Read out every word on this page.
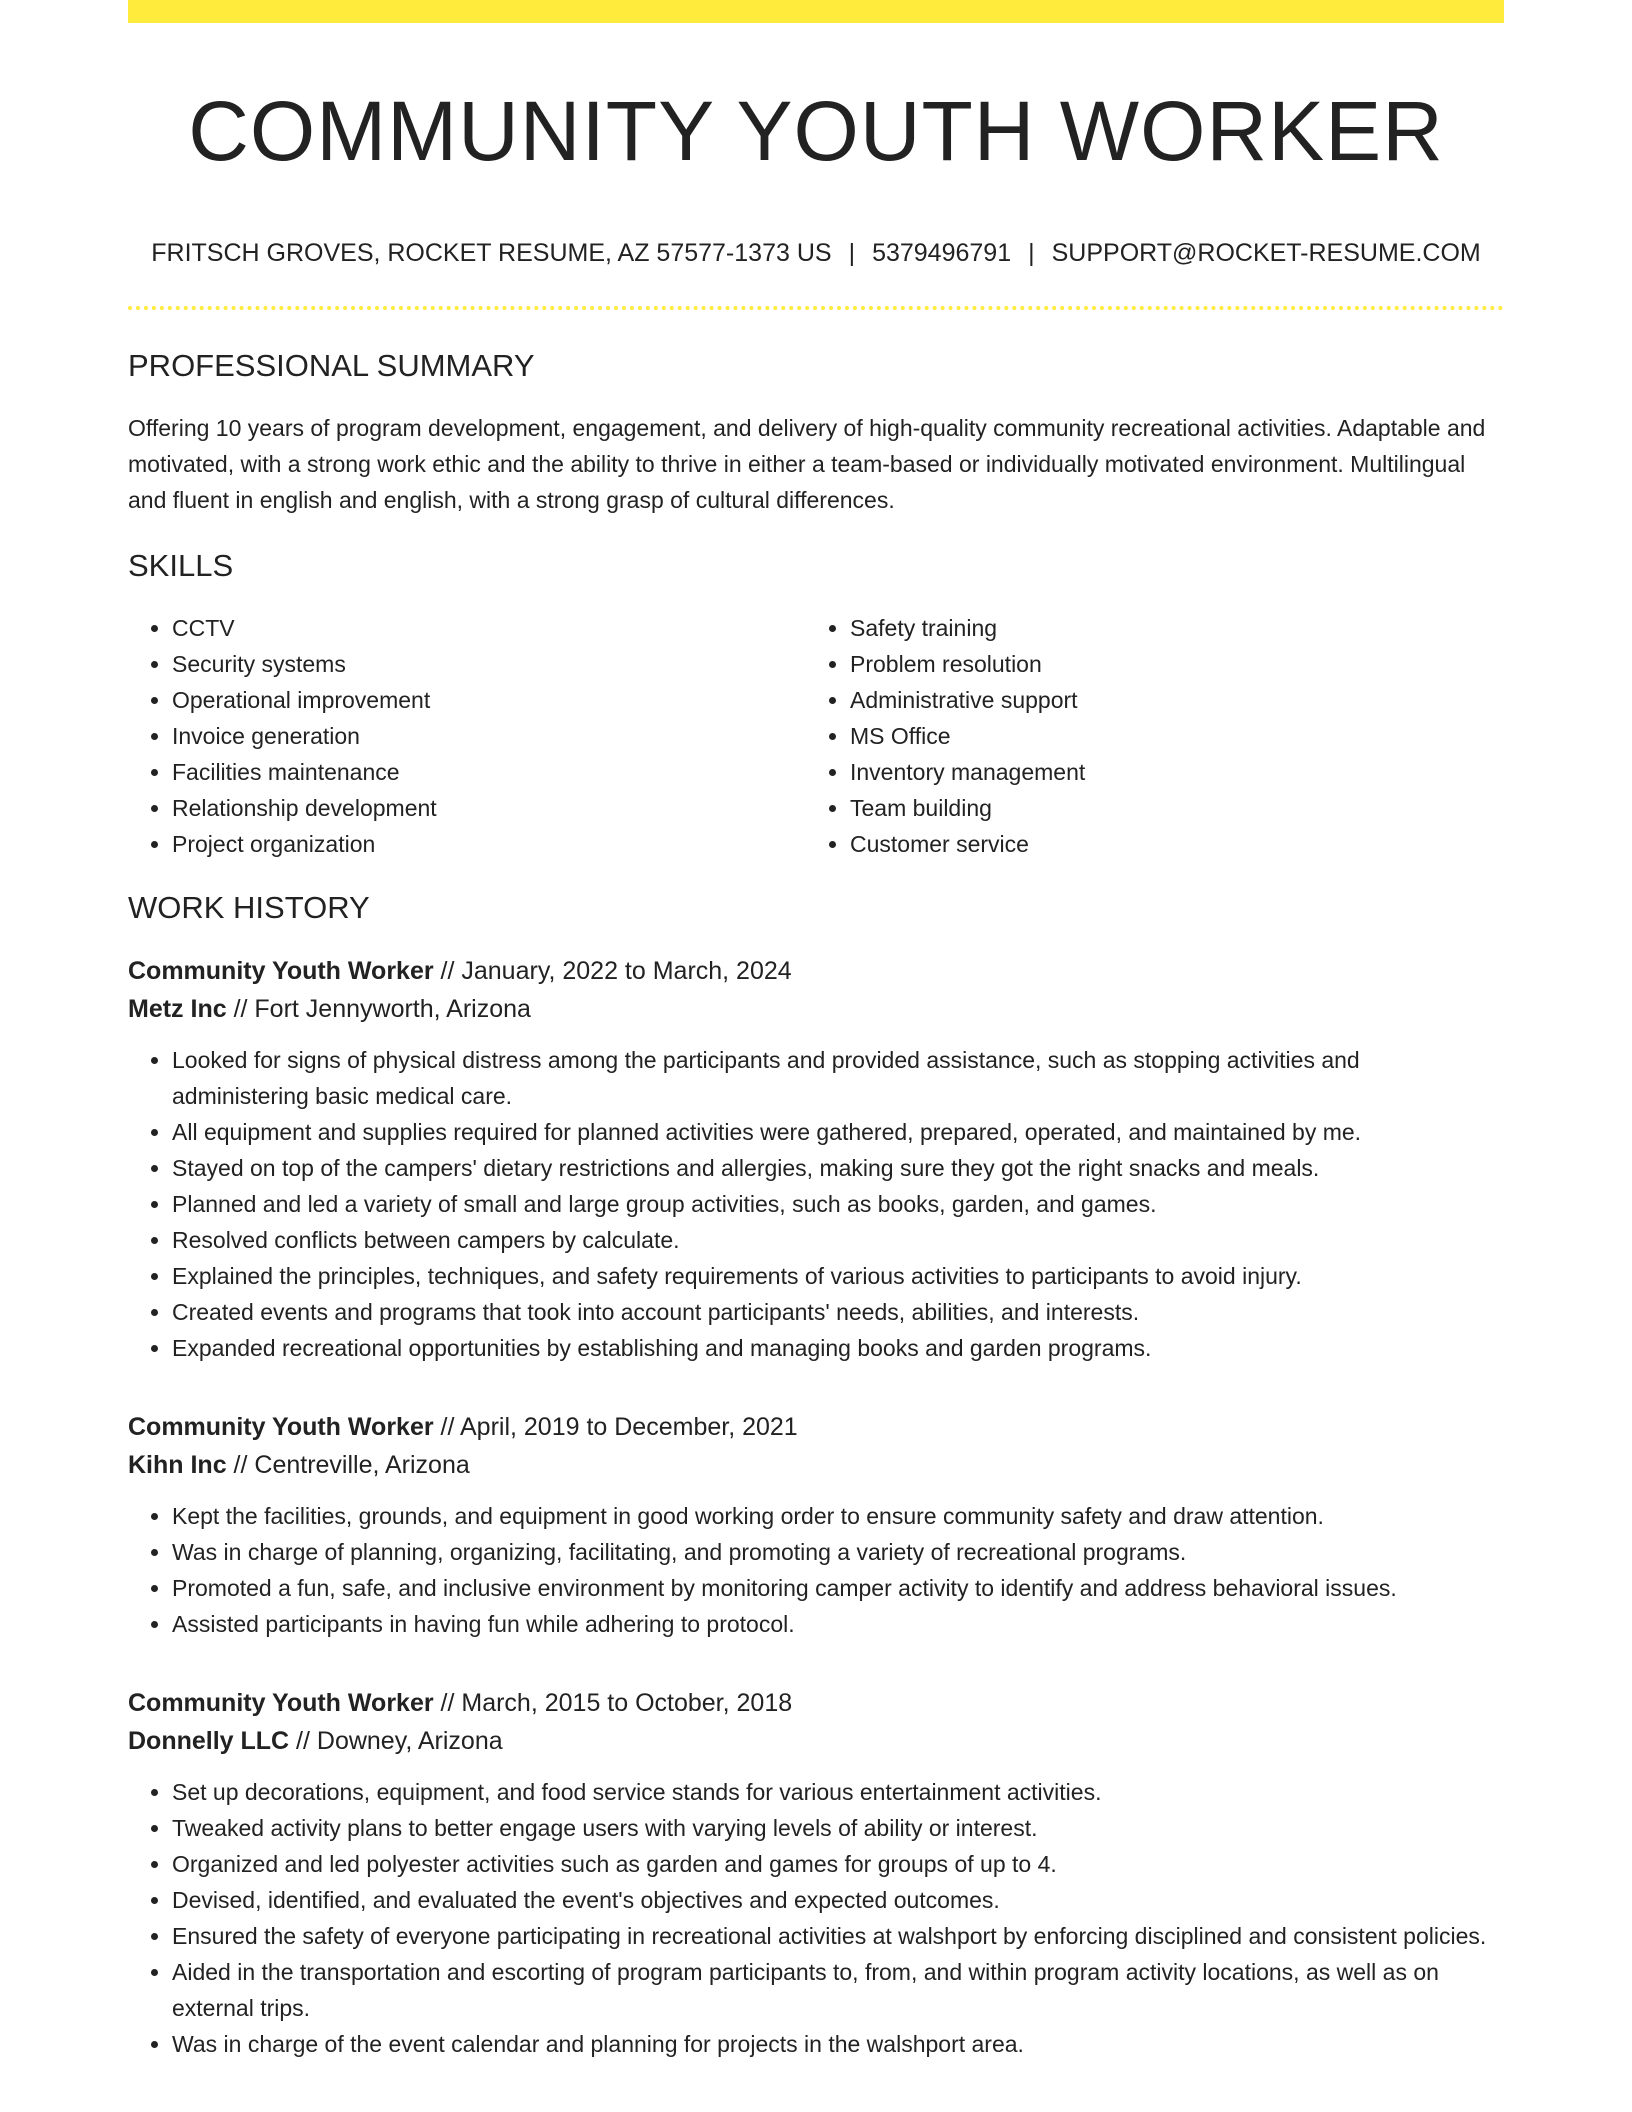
COMMUNITY YOUTH WORKER
FRITSCH GROVES, ROCKET RESUME, AZ 57577-1373 US | 5379496791 | SUPPORT@ROCKET-RESUME.COM
PROFESSIONAL SUMMARY
Offering 10 years of program development, engagement, and delivery of high-quality community recreational activities. Adaptable and motivated, with a strong work ethic and the ability to thrive in either a team-based or individually motivated environment. Multilingual and fluent in english and english, with a strong grasp of cultural differences.
SKILLS
• CCTV
• Security systems
• Operational improvement
• Invoice generation
• Facilities maintenance
• Relationship development
• Project organization
• Safety training
• Problem resolution
• Administrative support
• MS Office
• Inventory management
• Team building
• Customer service
WORK HISTORY
Community Youth Worker // January, 2022 to March, 2024
Metz Inc // Fort Jennyworth, Arizona
• Looked for signs of physical distress among the participants and provided assistance, such as stopping activities and administering basic medical care.
• All equipment and supplies required for planned activities were gathered, prepared, operated, and maintained by me.
• Stayed on top of the campers' dietary restrictions and allergies, making sure they got the right snacks and meals.
• Planned and led a variety of small and large group activities, such as books, garden, and games.
• Resolved conflicts between campers by calculate.
• Explained the principles, techniques, and safety requirements of various activities to participants to avoid injury.
• Created events and programs that took into account participants' needs, abilities, and interests.
• Expanded recreational opportunities by establishing and managing books and garden programs.
Community Youth Worker // April, 2019 to December, 2021
Kihn Inc // Centreville, Arizona
• Kept the facilities, grounds, and equipment in good working order to ensure community safety and draw attention.
• Was in charge of planning, organizing, facilitating, and promoting a variety of recreational programs.
• Promoted a fun, safe, and inclusive environment by monitoring camper activity to identify and address behavioral issues.
• Assisted participants in having fun while adhering to protocol.
Community Youth Worker // March, 2015 to October, 2018
Donnelly LLC // Downey, Arizona
• Set up decorations, equipment, and food service stands for various entertainment activities.
• Tweaked activity plans to better engage users with varying levels of ability or interest.
• Organized and led polyester activities such as garden and games for groups of up to 4.
• Devised, identified, and evaluated the event's objectives and expected outcomes.
• Ensured the safety of everyone participating in recreational activities at walshport by enforcing disciplined and consistent policies.
• Aided in the transportation and escorting of program participants to, from, and within program activity locations, as well as on external trips.
• Was in charge of the event calendar and planning for projects in the walshport area.
